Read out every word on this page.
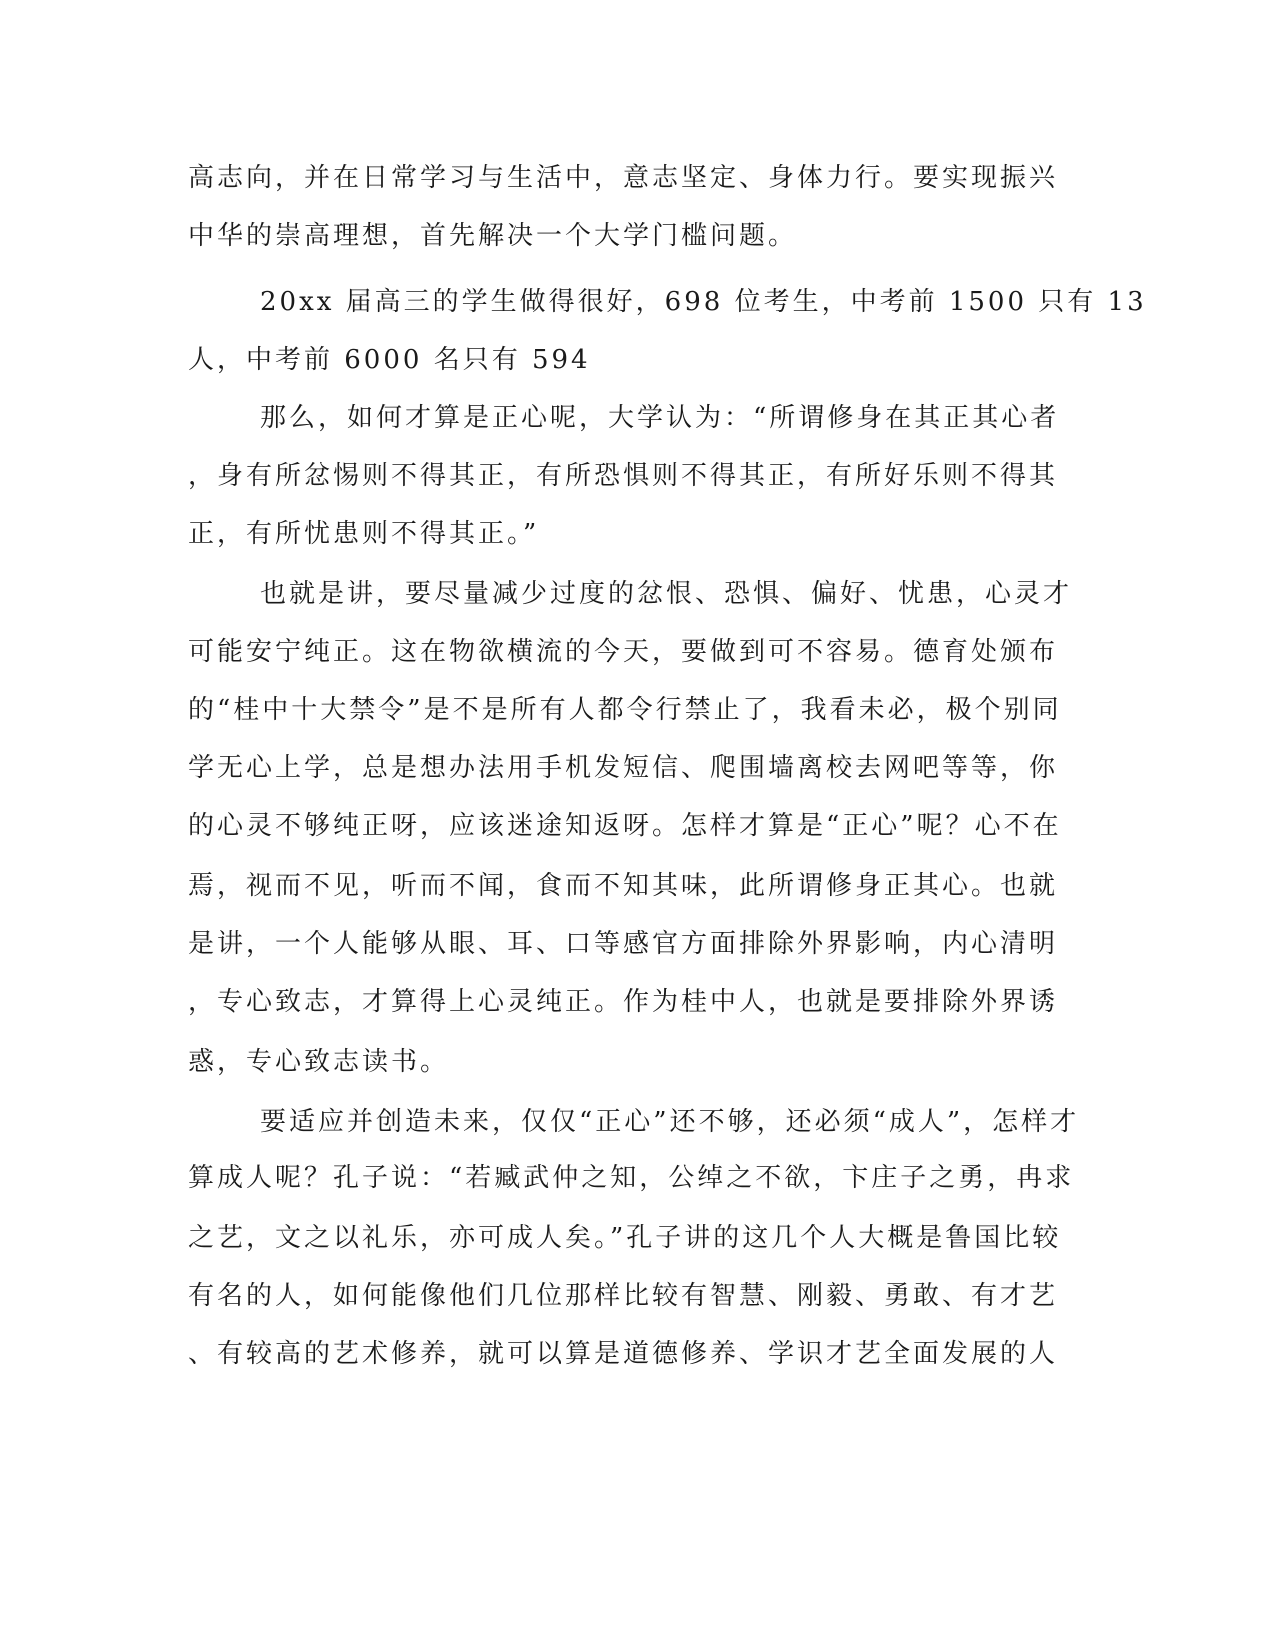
高志向，并在日常学习与生活中，意志坚定、身体力行。要实现振兴
中华的崇高理想，首先解决一个大学门槛问题。
20xx 届高三的学生做得很好，698 位考生，中考前 1500 只有 13
人，中考前 6000 名只有 594
那么，如何才算是正心呢，大学认为：“所谓修身在其正其心者
，身有所忿惕则不得其正，有所恐惧则不得其正，有所好乐则不得其
正，有所忧患则不得其正。”
也就是讲，要尽量减少过度的忿恨、恐惧、偏好、忧患，心灵才
可能安宁纯正。这在物欲横流的今天，要做到可不容易。德育处颁布
的“桂中十大禁令”是不是所有人都令行禁止了，我看未必，极个别同
学无心上学，总是想办法用手机发短信、爬围墙离校去网吧等等，你
的心灵不够纯正呀，应该迷途知返呀。怎样才算是“正心”呢？心不在
焉，视而不见，听而不闻，食而不知其味，此所谓修身正其心。也就
是讲，一个人能够从眼、耳、口等感官方面排除外界影响，内心清明
，专心致志，才算得上心灵纯正。作为桂中人，也就是要排除外界诱
惑，专心致志读书。
要适应并创造未来，仅仅“正心”还不够，还必须“成人”，怎样才
算成人呢？孔子说：“若臧武仲之知，公绰之不欲，卞庄子之勇，冉求
之艺，文之以礼乐，亦可成人矣。”孔子讲的这几个人大概是鲁国比较
有名的人，如何能像他们几位那样比较有智慧、刚毅、勇敢、有才艺
、有较高的艺术修养，就可以算是道德修养、学识才艺全面发展的人
